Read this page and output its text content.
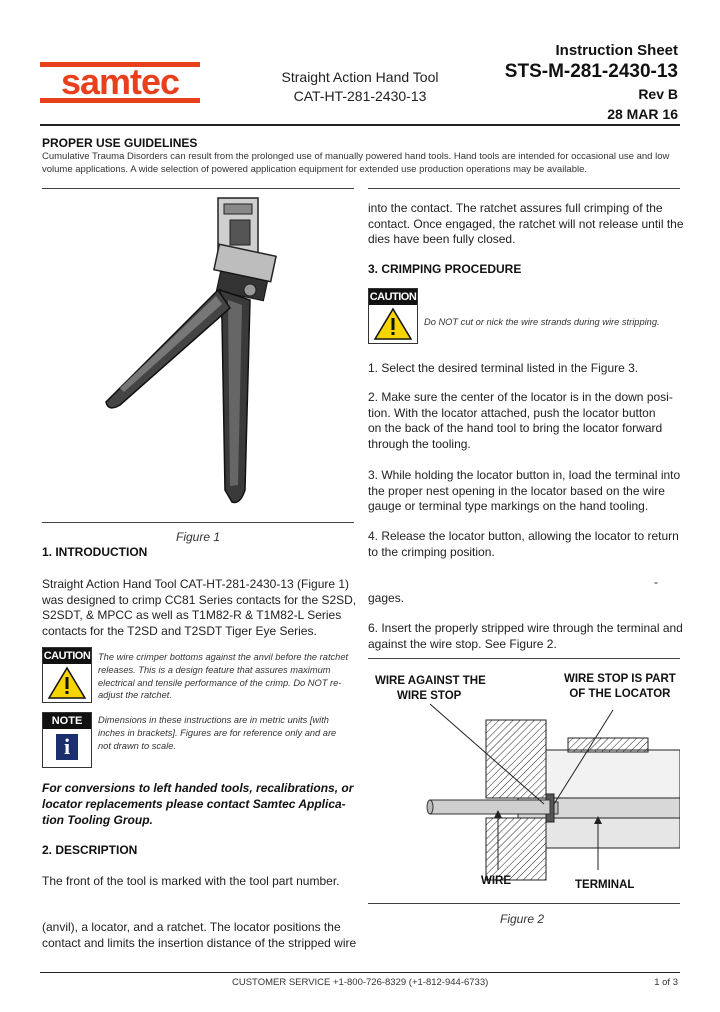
samtec	Straight Action Hand Tool
CAT-HT-281-2430-13
Instruction Sheet
STS-M-281-2430-13
Rev B
28 MAR 16
PROPER USE GUIDELINES
Cumulative Trauma Disorders can result from the prolonged use of manually powered hand tools. Hand tools are intended for occasional use and low
volume applications. A wide selection of powered application equipment for extended use production operations may be available.
Figure 1
1. INTRODUCTION
Straight Action Hand Tool CAT-HT-281-2430-13 (Figure 1)
was designed to crimp CC81 Series contacts for the S2SD,
S2SDT, & MPCC as well as T1M82-R & T1M82-L Series
contacts for the T2SD and T2SDT Tiger Eye Series.
CAUTION The wire crimper bottoms against the anvil before the ratchet
releases. This is a design feature that assures maximum
electrical and tensile performance of the crimp. Do NOT re-
adjust the ratchet.
NOTE
i
Dimensions in these instructions are in metric units [with
inches in brackets]. Figures are for reference only and are
not drawn to scale.
For conversions to left handed tools, recalibrations, or
locator replacements please contact Samtec Applica-
tion Tooling Group.
2. DESCRIPTION
The front of the tool is marked with the tool part number.
(anvil), a locator, and a ratchet. The locator positions the
contact and limits the insertion distance of the stripped wire
into the contact. The ratchet assures full crimping of the
contact. Once engaged, the ratchet will not release until the
dies have been fully closed.
3. CRIMPING PROCEDURE
CAUTION
Do NOT cut or nick the wire strands during wire stripping.
1. Select the desired terminal listed in the Figure 3.
2. Make sure the center of the locator is in the down posi-
tion. With the locator attached, push the locator button
on the back of the hand tool to bring the locator forward
through the tooling.
3. While holding the locator button in, load the terminal into
the proper nest opening in the locator based on the wire
gauge or terminal type markings on the hand tooling.
4. Release the locator button, allowing the locator to return
to the crimping position.
-
gages.
6. Insert the properly stripped wire through the terminal and
against the wire stop. See Figure 2.
WIRE AGAINST THE
WIRE STOP
WIRE STOP IS PART
OF THE LOCATOR
WIRE	TERMINAL
Figure 2
CUSTOMER SERVICE +1-800-726-8329 (+1-812-944-6733)	1 of 3
